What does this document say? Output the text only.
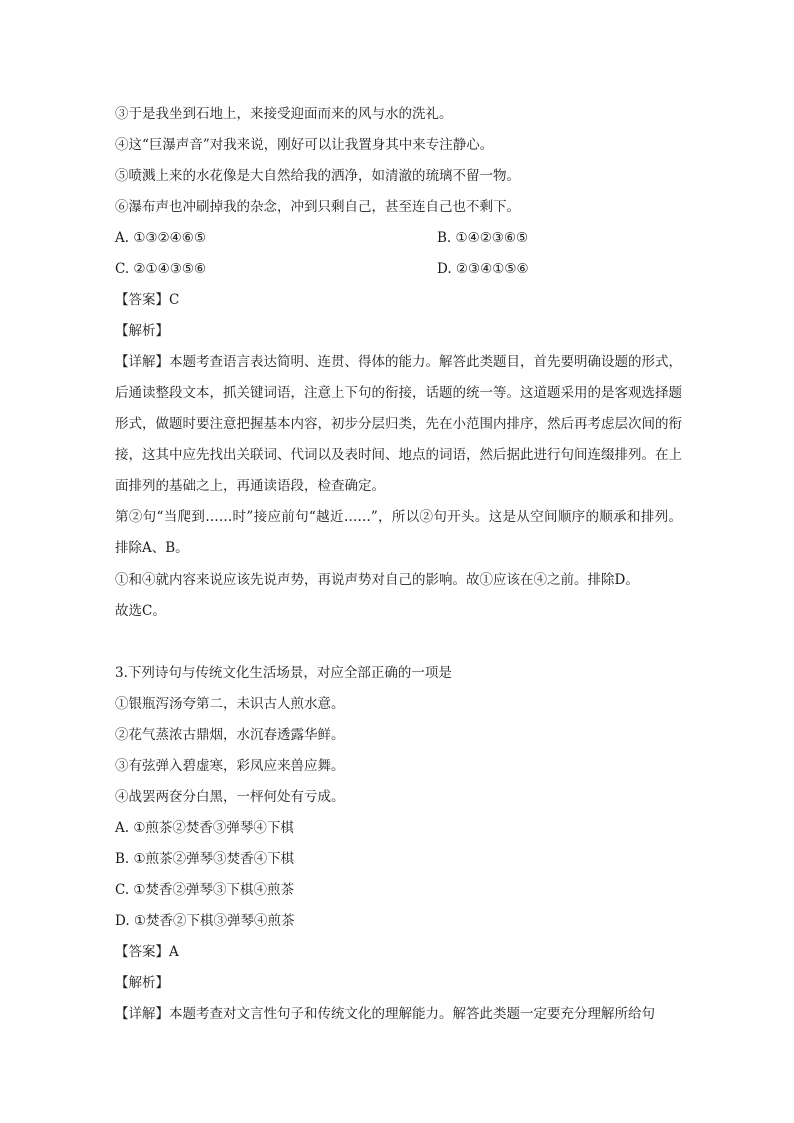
③于是我坐到石地上，来接受迎面而来的风与水的洗礼。
④这“巨瀑声音”对我来说，刚好可以让我置身其中来专注静心。
⑤喷溅上来的水花像是大自然给我的洒净，如清澈的琉璃不留一物。
⑥瀑布声也冲刷掉我的杂念，冲到只剩自己，甚至连自己也不剩下。
A. ①③②④⑥⑤	B. ①④②③⑥⑤
C. ②①④③⑤⑥	D. ②③④①⑤⑥
【答案】C
【解析】

【详解】本题考查语言表达简明、连贯、得体的能力。解答此类题目，首先要明确设题的形式，后通读整段文本，抓关键词语，注意上下句的衔接，话题的统一等。这道题采用的是客观选择题形式，做题时要注意把握基本内容，初步分层归类，先在小范围内排序，然后再考虑层次间的衔接，这其中应先找出关联词、代词以及表时间、地点的词语，然后据此进行句间连缀排列。在上面排列的基础之上，再通读语段，检查确定。

第②句“当爬到……时”接应前句“越近……”，所以②句开头。这是从空间顺序的顺承和排列。排除A、B。

①和④就内容来说应该先说声势，再说声势对自己的影响。故①应该在④之前。排除D。
故选C。
3.下列诗句与传统文化生活场景，对应全部正确的一项是
①银瓶泻汤夸第二，未识古人煎水意。
②花气蒸浓古鼎烟，水沉春透露华鲜。
③有弦弹入碧虚寒，彩凤应来兽应舞。
④战罢两奁分白黑，一枰何处有亏成。
A. ①煎茶②焚香③弹琴④下棋
B. ①煎茶②弹琴③焚香④下棋
C. ①焚香②弹琴③下棋④煎茶
D. ①焚香②下棋③弹琴④煎茶
【答案】A
【解析】
【详解】本题考查对文言性句子和传统文化的理解能力。解答此类题一定要充分理解所给句
